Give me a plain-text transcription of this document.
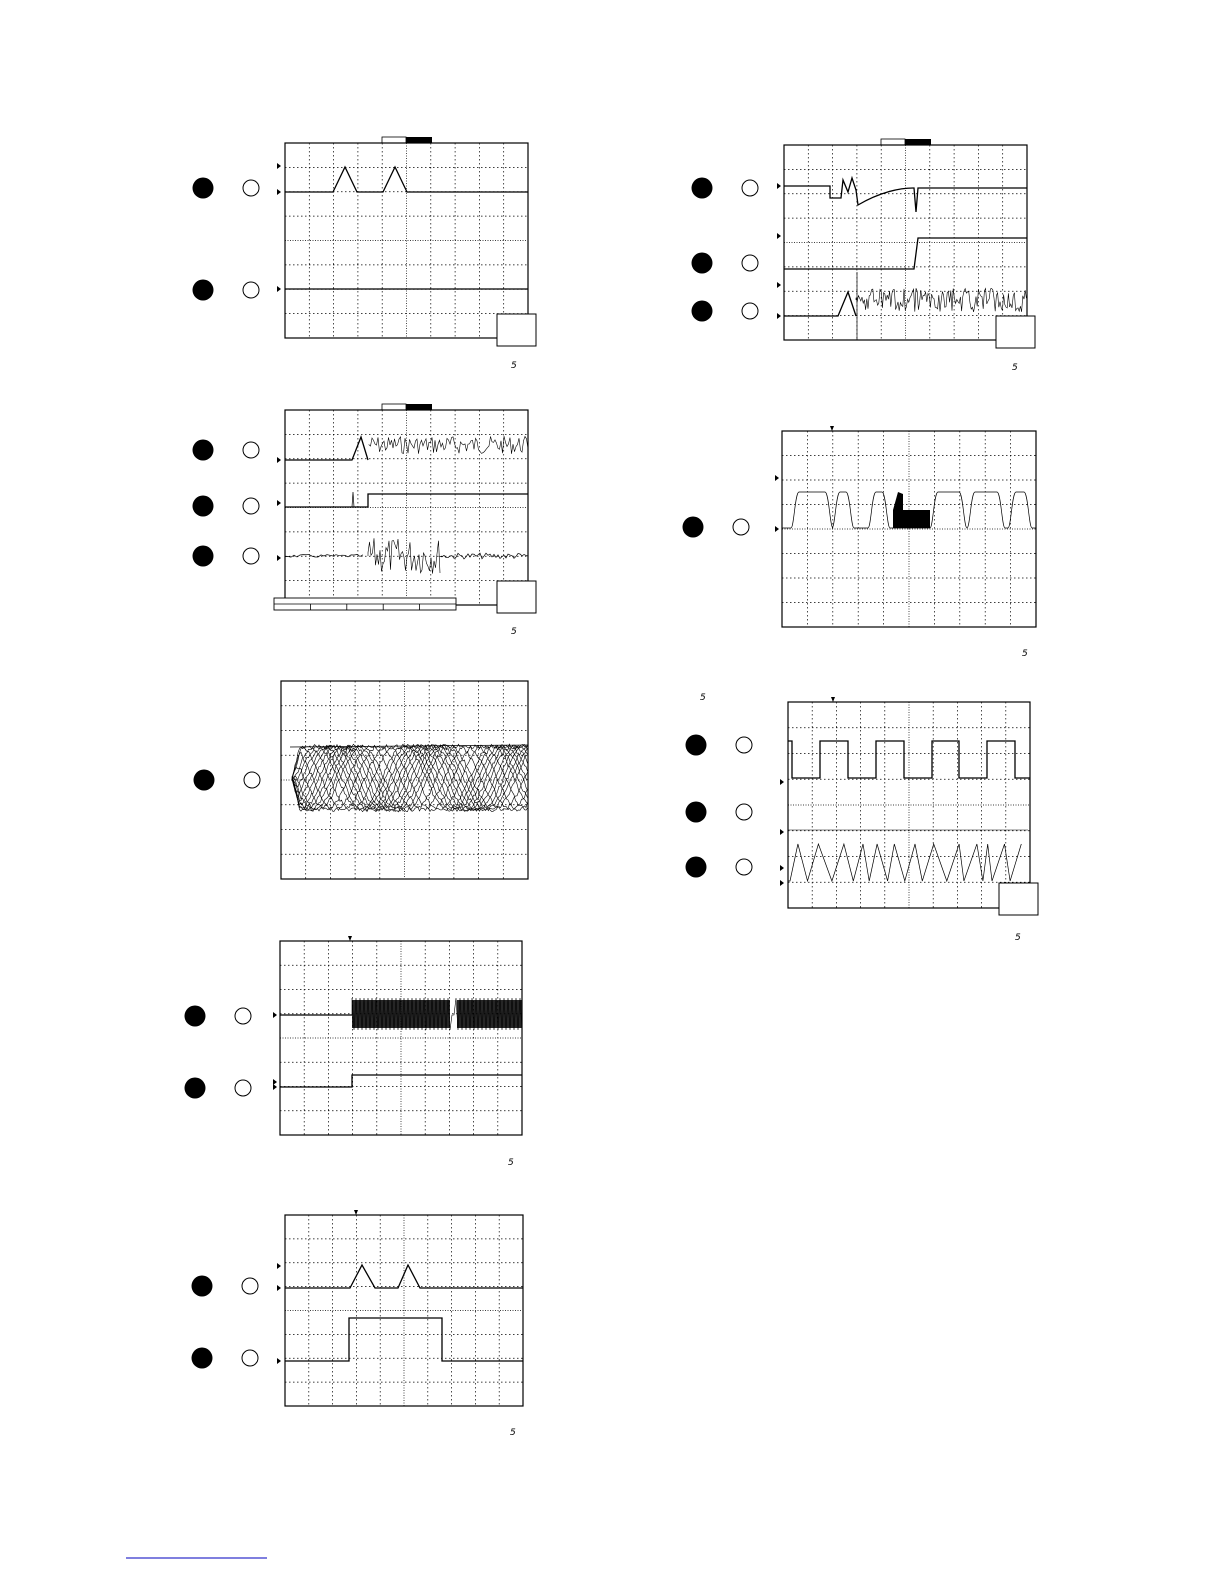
5
5
5
5
5
5
5
5
